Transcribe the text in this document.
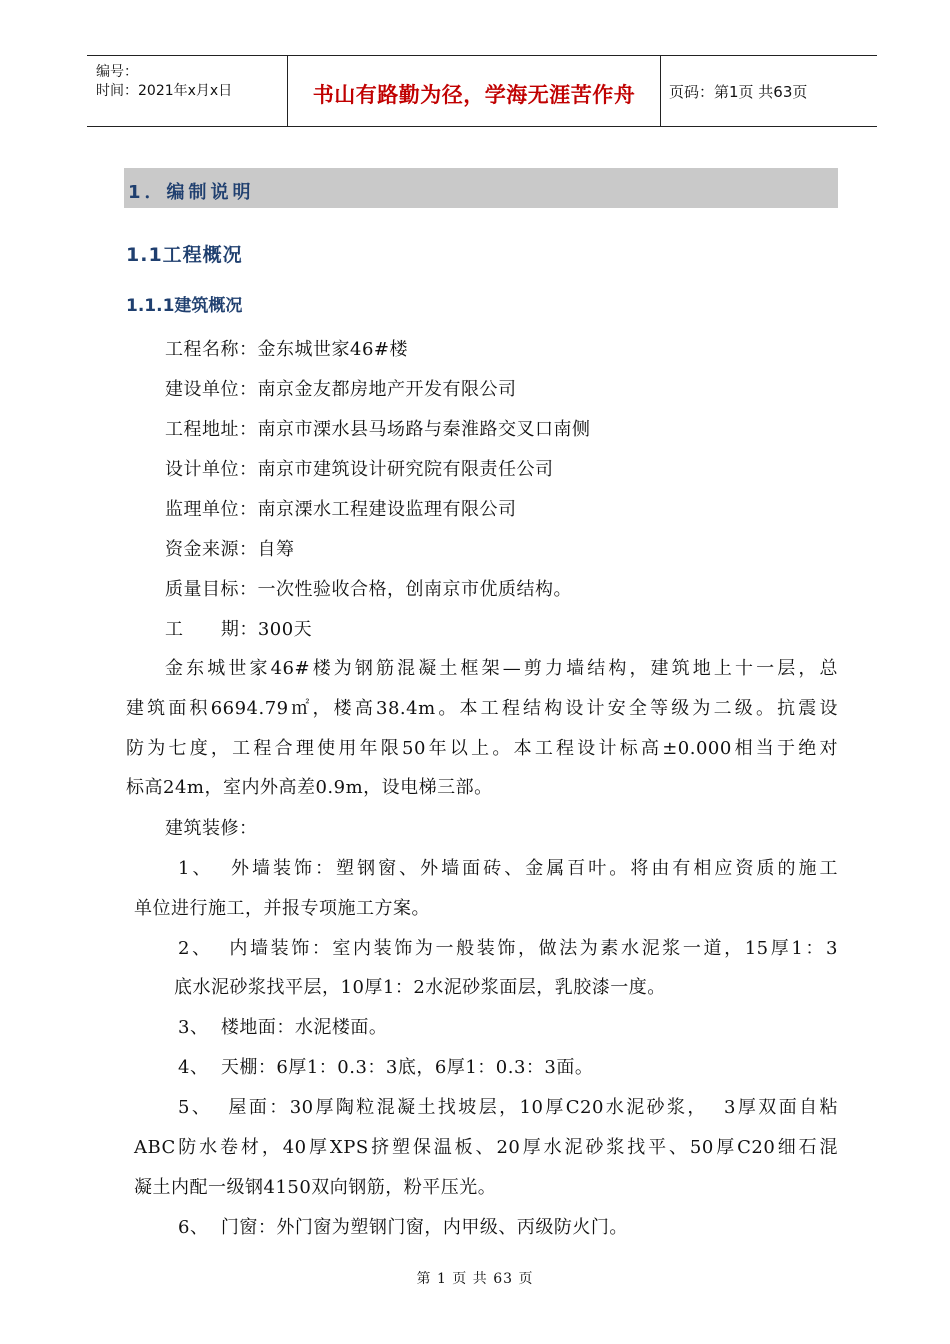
编号：
时间：2021年x月x日	书山有路勤为径，学海无涯苦作舟	页码：第1页 共63页
1．编制说明
1.1工程概况
1.1.1建筑概况
工程名称：金东城世家46#楼
建设单位：南京金友都房地产开发有限公司
工程地址：南京市溧水县马场路与秦淮路交叉口南侧
设计单位：南京市建筑设计研究院有限责任公司
监理单位：南京溧水工程建设监理有限公司
资金来源：自筹
质量目标：一次性验收合格，创南京市优质结构。
工      期：300天
金东城世家46#楼为钢筋混凝土框架—剪力墙结构，建筑地上十一层，总
建筑面积6694.79㎡，楼高38.4m。本工程结构设计安全等级为二级。抗震设
防为七度，工程合理使用年限50年以上。本工程设计标高±0.000相当于绝对
标高24m，室内外高差0.9m，设电梯三部。
建筑装修：
1、  外墙装饰：塑钢窗、外墙面砖、金属百叶。将由有相应资质的施工
单位进行施工，并报专项施工方案。
2、  内墙装饰：室内装饰为一般装饰，做法为素水泥浆一道，15厚1：3
底水泥砂浆找平层，10厚1：2水泥砂浆面层，乳胶漆一度。
3、  楼地面：水泥楼面。
4、  天棚：6厚1：0.3：3底，6厚1：0.3：3面。
5、  屋面：30厚陶粒混凝土找坡层，10厚C20水泥砂浆，  3厚双面自粘
ABC防水卷材，40厚XPS挤塑保温板、20厚水泥砂浆找平、50厚C20细石混
凝土内配一级钢4150双向钢筋，粉平压光。
6、  门窗：外门窗为塑钢门窗，内甲级、丙级防火门。
第 1 页 共 63 页
